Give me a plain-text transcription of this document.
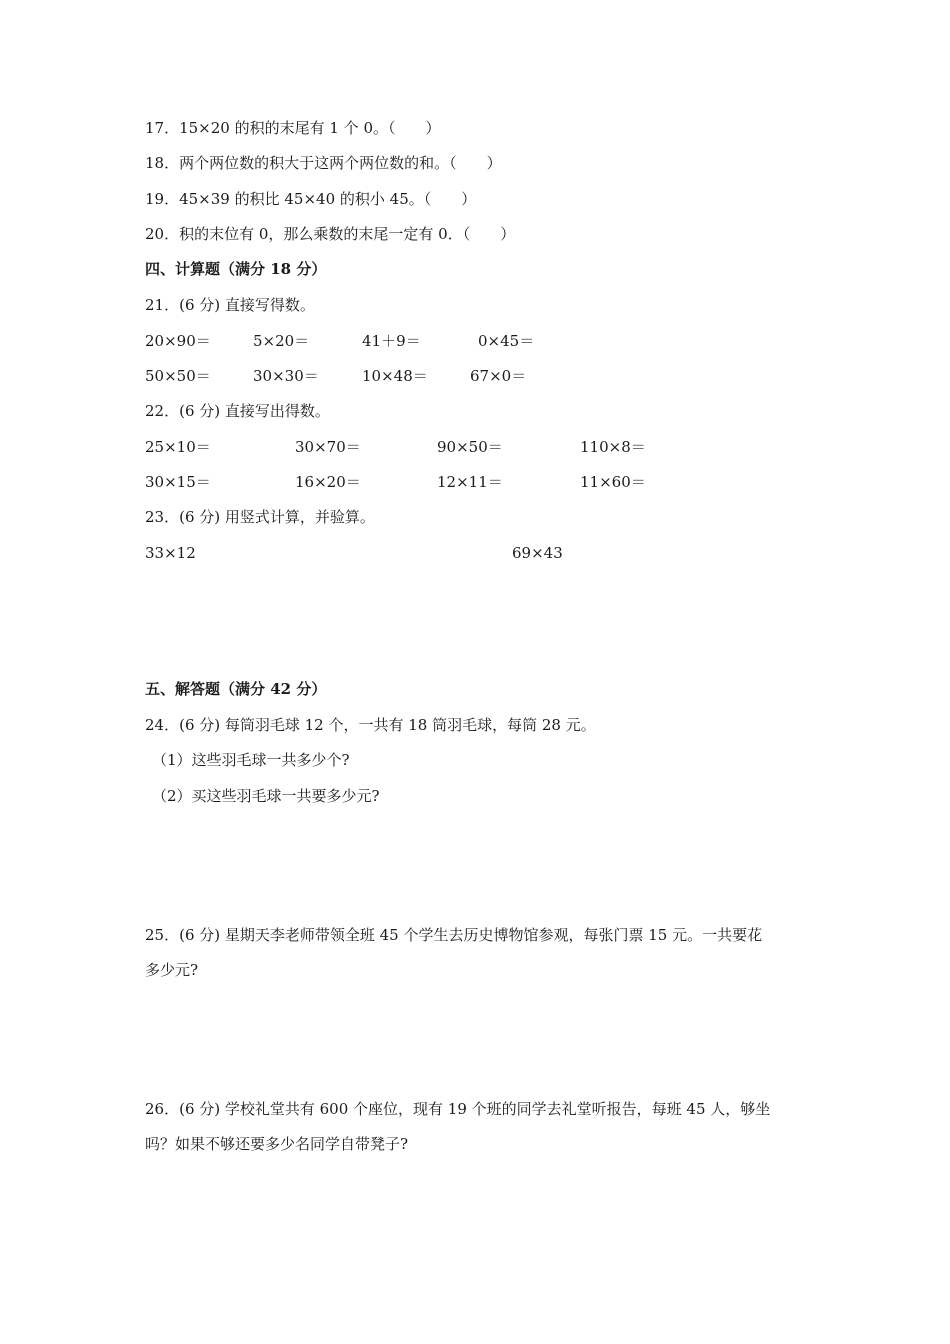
17．15×20 的积的末尾有 1 个 0。（　　）
18．两个两位数的积大于这两个两位数的和。（　　）
19．45×39 的积比 45×40 的积小 45。（　　）
20．积的末位有 0，那么乘数的末尾一定有 0．（　　）
四、计算题（满分 18 分）
21．(6 分) 直接写得数。
20×90＝	5×20＝	41＋9＝	0×45＝
50×50＝	30×30＝	10×48＝	67×0＝
22．(6 分) 直接写出得数。
25×10＝	30×70＝	90×50＝	110×8＝
30×15＝	16×20＝	12×11＝	11×60＝
23．(6 分) 用竖式计算，并验算。
33×12	69×43
五、解答题（满分 42 分）
24．(6 分) 每筒羽毛球 12 个，一共有 18 筒羽毛球，每筒 28 元。
（1）这些羽毛球一共多少个?
（2）买这些羽毛球一共要多少元?
25．(6 分) 星期天李老师带领全班 45 个学生去历史博物馆参观，每张门票 15 元。一共要花
多少元?
26．(6 分) 学校礼堂共有 600 个座位，现有 19 个班的同学去礼堂听报告，每班 45 人，够坐
吗？如果不够还要多少名同学自带凳子?
